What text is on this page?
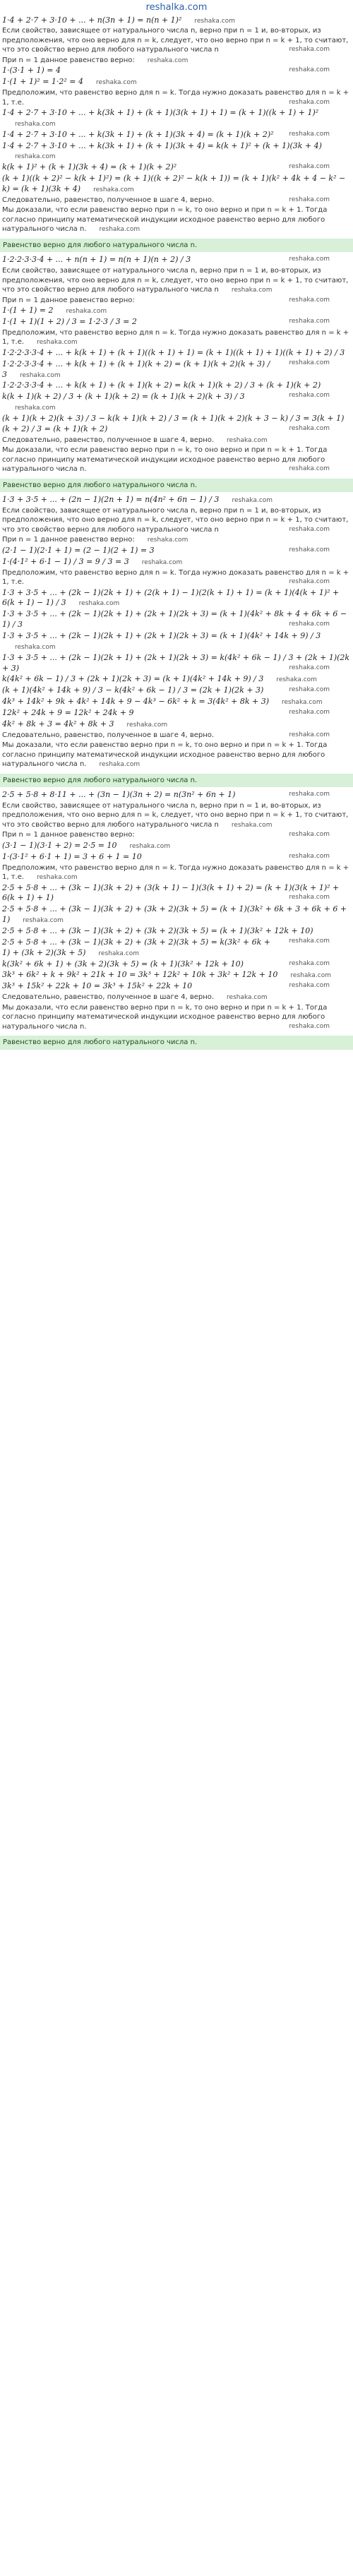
reshalka.com
1·4 + 2·7 + 3·10 + ... + n(3n + 1) = n(n + 1)² reshaka.com
Если свойство, зависящее от натурального числа n, верно при n = 1 и, во-вторых, из предположения, что оно верно для n = k, следует, что оно верно при n = k + 1, то считают, что это свойство верно для любого натурального числа n	reshaka.com
При n = 1 данное равенство верно: reshaka.com
1·(3·1 + 1) = 4	reshaka.com
1·(1 + 1)² = 1·2² = 4 reshaka.com
Предположим, что равенство верно для n = k. Тогда нужно доказать равенство для n = k + 1, т.е.	reshaka.com
1·4 + 2·7 + 3·10 + ... + k(3k + 1) + (k + 1)(3(k + 1) + 1) = (k + 1)((k + 1) + 1)²reshaka.com
1·4 + 2·7 + 3·10 + ... + k(3k + 1) + (k + 1)(3k + 4) = (k + 1)(k + 2)² reshaka.com
1·4 + 2·7 + 3·10 + ... + k(3k + 1) + (k + 1)(3k + 4) = k(k + 1)² + (k + 1)(3k + 4)reshaka.com
k(k + 1)² + (k + 1)(3k + 4) = (k + 1)(k + 2)²	reshaka.com
(k + 1)((k + 2)² − k(k + 1)²) = (k + 1)((k + 2)² − k(k + 1)) = (k + 1)(k² + 4k + 4 − k² − k) = (k + 1)(3k + 4) reshaka.com
Следовательно, равенство, полученное в шаге 4, верно.	reshaka.com
Мы доказали, что если равенство верно при n = k, то оно верно и при n = k + 1. Тогда согласно принципу математической индукции исходное равенство верно для любого натурального числа n. reshaka.com
Равенство верно для любого натурального числа n.
1·2·2·3·3·4 + ... + n(n + 1) = n(n + 1)(n + 2) / 3	reshaka.com
Если свойство, зависящее от натурального числа n, верно при n = 1 и, во-вторых, из предположения, что оно верно для n = k, следует, что оно верно при n = k + 1, то считают, что это свойство верно для любого натурального числа n reshaka.com
При n = 1 данное равенство верно:	reshaka.com
1·(1 + 1) = 2 reshaka.com
1·(1 + 1)(1 + 2) / 3 = 1·2·3 / 3 = 2	reshaka.com
Предположим, что равенство верно для n = k. Тогда нужно доказать равенство для n = k + 1, т.е. reshaka.com
1·2·2·3·3·4 + ... + k(k + 1) + (k + 1)((k + 1) + 1) = (k + 1)((k + 1) + 1)((k + 1) + 2) / 3
reshaka.com
1·2·2·3·3·4 + ... + k(k + 1) + (k + 1)(k + 2) = (k + 1)(k + 2)(k + 3) / 3 reshaka.com
1·2·2·3·3·4 + ... + k(k + 1) + (k + 1)(k + 2) = k(k + 1)(k + 2) / 3 + (k + 1)(k + 2)
reshaka.com
k(k + 1)(k + 2) / 3 + (k + 1)(k + 2) = (k + 1)(k + 2)(k + 3) / 3reshaka.com
(k + 1)(k + 2)(k + 3) / 3 − k(k + 1)(k + 2) / 3 = (k + 1)(k + 2)(k + 3 − k) / 3 = 3(k + 1)(k + 2) / 3 = (k + 1)(k + 2)	reshaka.com
Следовательно, равенство, полученное в шаге 4, верно. reshaka.com
Мы доказали, что если равенство верно при n = k, то оно верно и при n = k + 1. Тогда согласно принципу математической индукции исходное равенство верно для любого натурального числа n.	reshaka.com
Равенство верно для любого натурального числа n.
1·3 + 3·5 + ... + (2n − 1)(2n + 1) = n(4n² + 6n − 1) / 3 reshaka.com
Если свойство, зависящее от натурального числа n, верно при n = 1 и, во-вторых, из предположения, что оно верно для n = k, следует, что оно верно при n = k + 1, то считают, что это свойство верно для любого натурального числа n	reshaka.com
При n = 1 данное равенство верно: reshaka.com
(2·1 − 1)(2·1 + 1) = (2 − 1)(2 + 1) = 3	reshaka.com
1·(4·1² + 6·1 − 1) / 3 = 9 / 3 = 3 reshaka.com
Предположим, что равенство верно для n = k. Тогда нужно доказать равенство для n = k + 1, т.е.	reshaka.com
1·3 + 3·5 + ... + (2k − 1)(2k + 1) + (2(k + 1) − 1)(2(k + 1) + 1) = (k + 1)(4(k + 1)² + 6(k + 1) − 1) / 3 reshaka.com
1·3 + 3·5 + ... + (2k − 1)(2k + 1) + (2k + 1)(2k + 3) = (k + 1)(4k² + 8k + 4 + 6k + 6 − 1) / 3	reshaka.com
1·3 + 3·5 + ... + (2k − 1)(2k + 1) + (2k + 1)(2k + 3) = (k + 1)(4k² + 14k + 9) / 3reshaka.com
1·3 + 3·5 + ... + (2k − 1)(2k + 1) + (2k + 1)(2k + 3) = k(4k² + 6k − 1) / 3 + (2k + 1)(2k + 3)	reshaka.com
k(4k² + 6k − 1) / 3 + (2k + 1)(2k + 3) = (k + 1)(4k² + 14k + 9) / 3 reshaka.com
(k + 1)(4k² + 14k + 9) / 3 − k(4k² + 6k − 1) / 3 = (2k + 1)(2k + 3)	reshaka.com
4k³ + 14k² + 9k + 4k² + 14k + 9 − 4k³ − 6k² + k = 3(4k² + 8k + 3) reshaka.com
12k² + 24k + 9 = 12k² + 24k + 9	reshaka.com
4k² + 8k + 3 = 4k² + 8k + 3 reshaka.com
Следовательно, равенство, полученное в шаге 4, верно.	reshaka.com
Мы доказали, что если равенство верно при n = k, то оно верно и при n = k + 1. Тогда согласно принципу математической индукции исходное равенство верно для любого натурального числа n. reshaka.com
Равенство верно для любого натурального числа n.
2·5 + 5·8 + 8·11 + ... + (3n − 1)(3n + 2) = n(3n² + 6n + 1)	reshaka.com
Если свойство, зависящее от натурального числа n, верно при n = 1 и, во-вторых, из предположения, что оно верно для n = k, следует, что оно верно при n = k + 1, то считают, что это свойство верно для любого натурального числа n reshaka.com
При n = 1 данное равенство верно:	reshaka.com
(3·1 − 1)(3·1 + 2) = 2·5 = 10 reshaka.com
1·(3·1² + 6·1 + 1) = 3 + 6 + 1 = 10	reshaka.com
Предположим, что равенство верно для n = k. Тогда нужно доказать равенство для n = k + 1, т.е. reshaka.com
2·5 + 5·8 + ... + (3k − 1)(3k + 2) + (3(k + 1) − 1)(3(k + 1) + 2) = (k + 1)(3(k + 1)² + 6(k + 1) + 1)	reshaka.com
2·5 + 5·8 + ... + (3k − 1)(3k + 2) + (3k + 2)(3k + 5) = (k + 1)(3k² + 6k + 3 + 6k + 6 + 1) reshaka.com
2·5 + 5·8 + ... + (3k − 1)(3k + 2) + (3k + 2)(3k + 5) = (k + 1)(3k² + 12k + 10)
reshaka.com
2·5 + 5·8 + ... + (3k − 1)(3k + 2) + (3k + 2)(3k + 5) = k(3k² + 6k + 1) + (3k + 2)(3k + 5) reshaka.com
k(3k² + 6k + 1) + (3k + 2)(3k + 5) = (k + 1)(3k² + 12k + 10)	reshaka.com
3k³ + 6k² + k + 9k² + 21k + 10 = 3k³ + 12k² + 10k + 3k² + 12k + 10 reshaka.com
3k³ + 15k² + 22k + 10 = 3k³ + 15k² + 22k + 10	reshaka.com
Следовательно, равенство, полученное в шаге 4, верно. reshaka.com
Мы доказали, что если равенство верно при n = k, то оно верно и при n = k + 1. Тогда согласно принципу математической индукции исходное равенство верно для любого натурального числа n.	reshaka.com
Равенство верно для любого натурального числа n.
